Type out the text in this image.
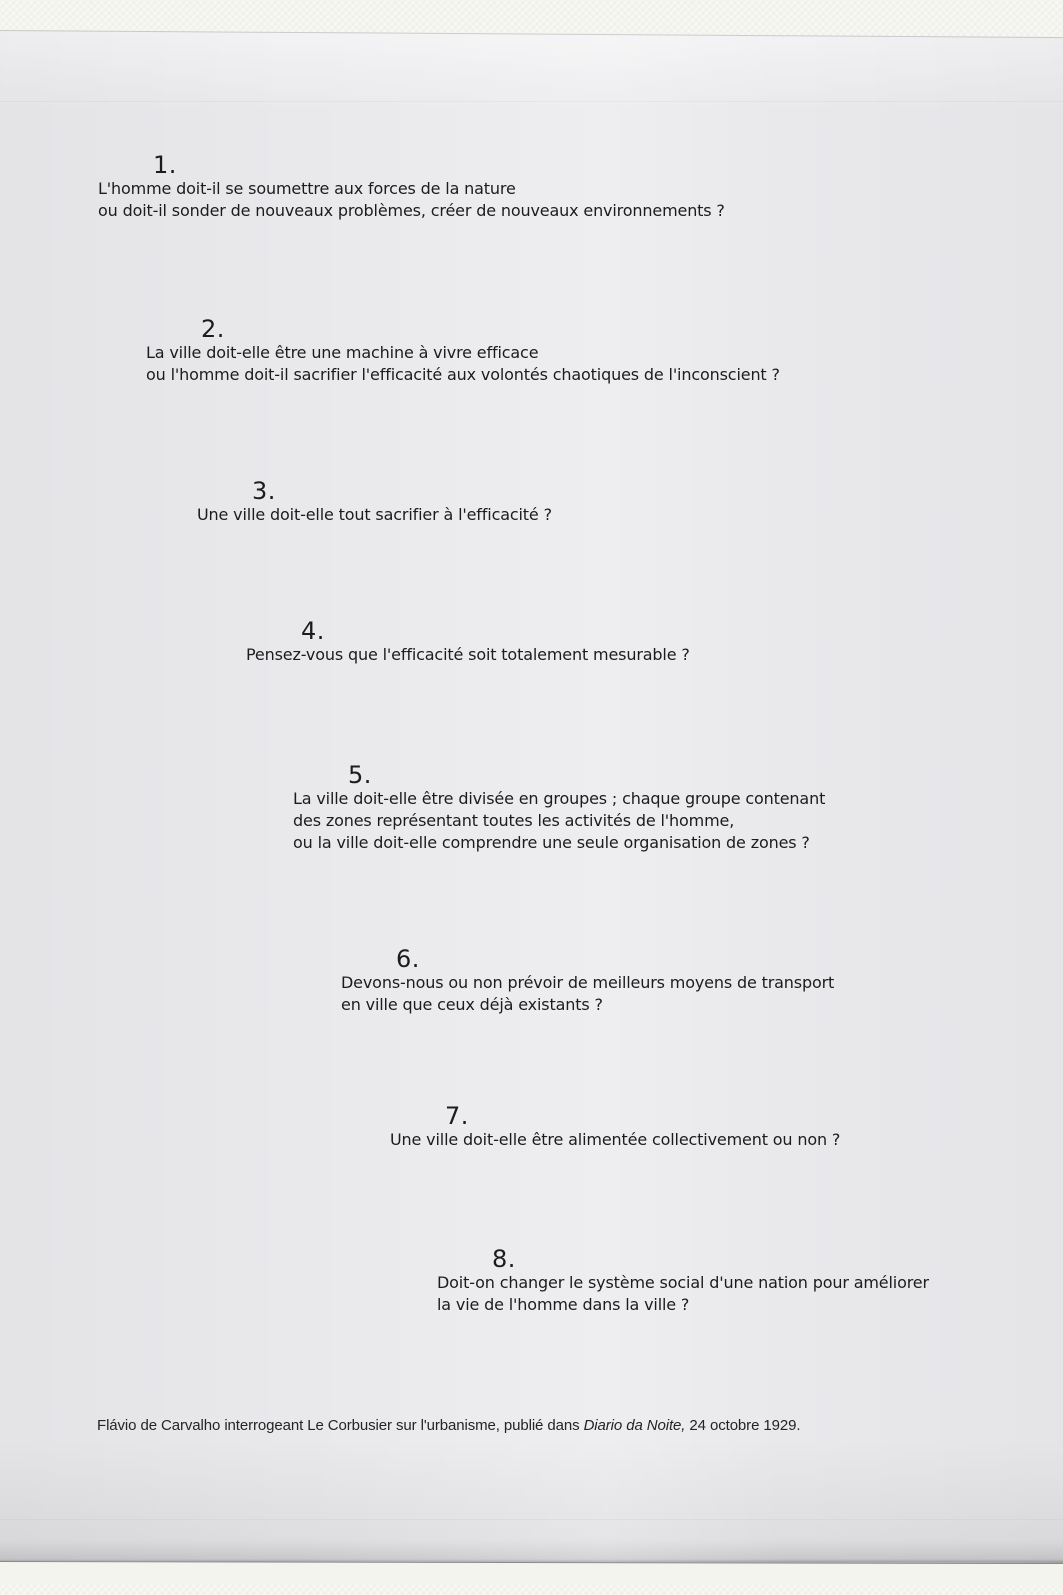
1.
L'homme doit-il se soumettre aux forces de la nature
ou doit-il sonder de nouveaux problèmes, créer de nouveaux environnements ?
2.
La ville doit-elle être une machine à vivre efficace
ou l'homme doit-il sacrifier l'efficacité aux volontés chaotiques de l'inconscient ?
3.
Une ville doit-elle tout sacrifier à l'efficacité ?
4.
Pensez-vous que l'efficacité soit totalement mesurable ?
5.
La ville doit-elle être divisée en groupes ; chaque groupe contenant
des zones représentant toutes les activités de l'homme,
ou la ville doit-elle comprendre une seule organisation de zones ?
6.
Devons-nous ou non prévoir de meilleurs moyens de transport
en ville que ceux déjà existants ?
7.
Une ville doit-elle être alimentée collectivement ou non ?
8.
Doit-on changer le système social d'une nation pour améliorer
la vie de l'homme dans la ville ?
Flávio de Carvalho interrogeant Le Corbusier sur l'urbanisme, publié dans Diario da Noite, 24 octobre 1929.
